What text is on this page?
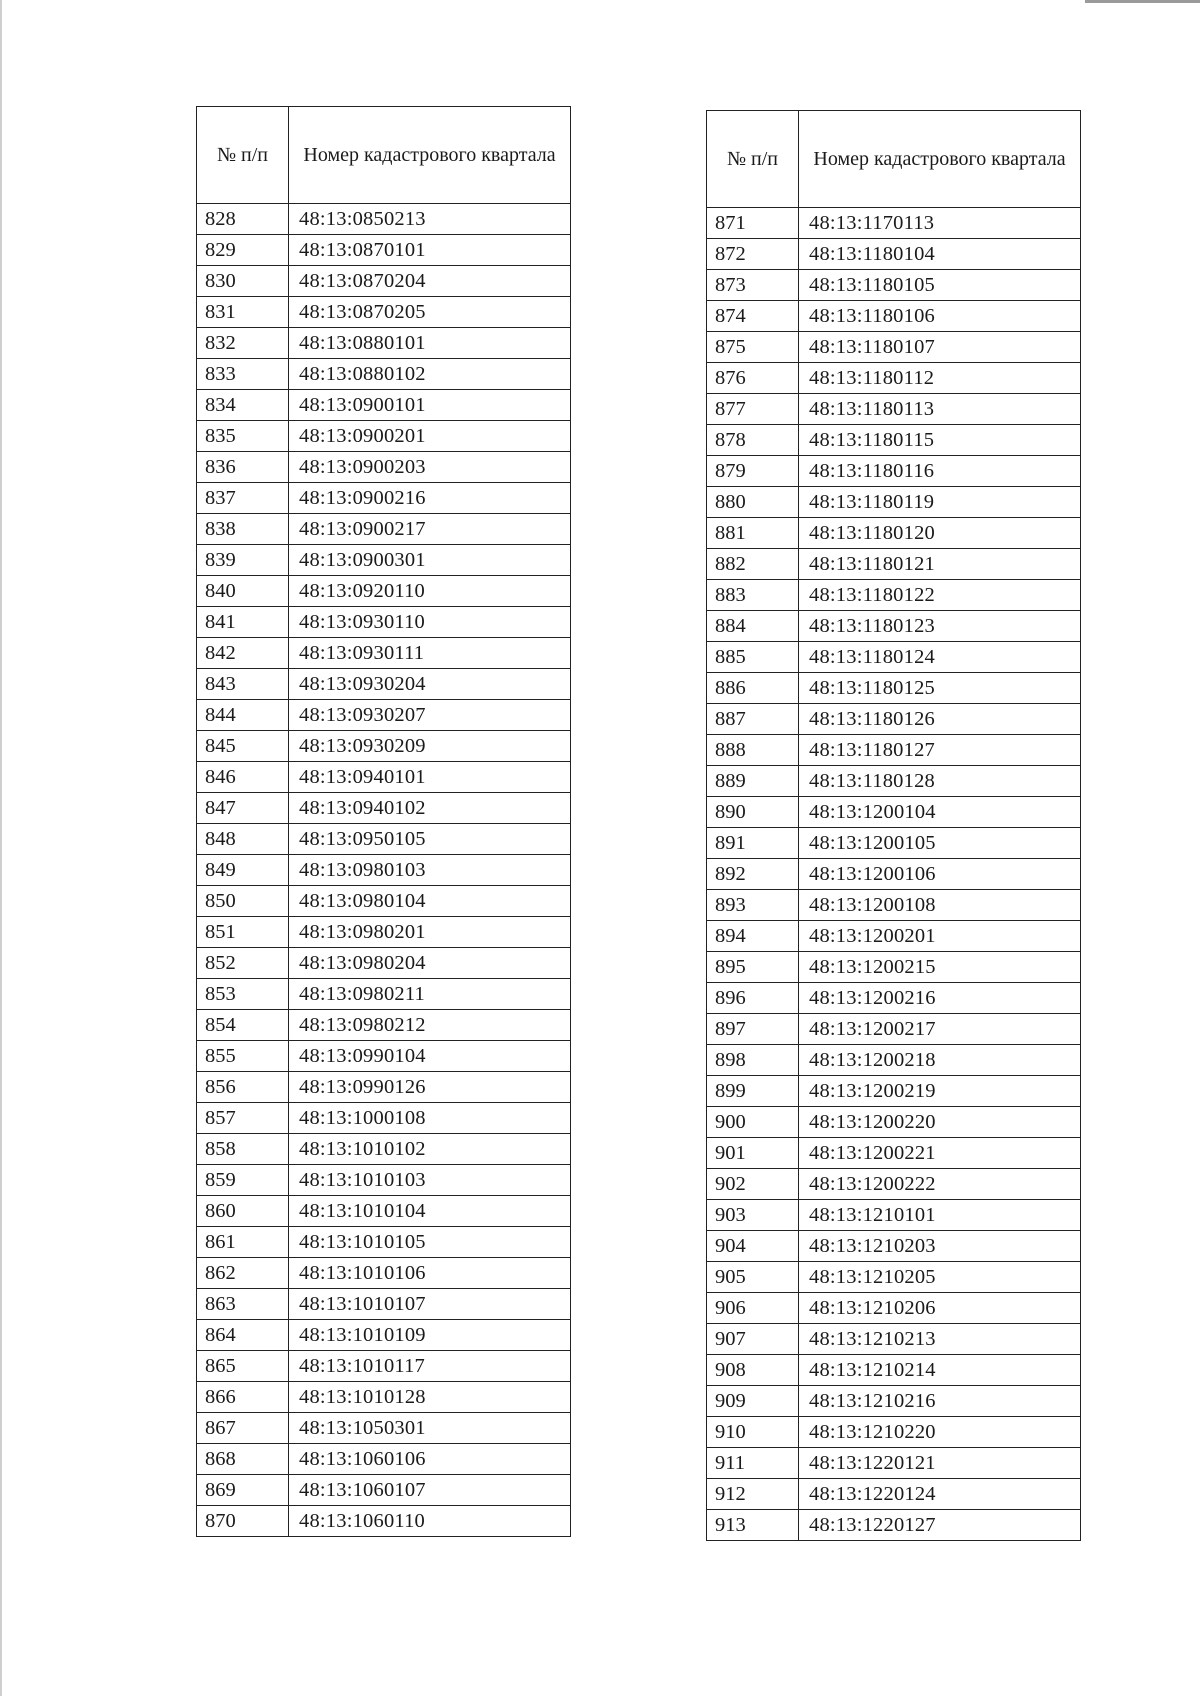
№ п/п	Номер кадастрового квартала
828	48:13:0850213
829	48:13:0870101
830	48:13:0870204
831	48:13:0870205
832	48:13:0880101
833	48:13:0880102
834	48:13:0900101
835	48:13:0900201
836	48:13:0900203
837	48:13:0900216
838	48:13:0900217
839	48:13:0900301
840	48:13:0920110
841	48:13:0930110
842	48:13:0930111
843	48:13:0930204
844	48:13:0930207
845	48:13:0930209
846	48:13:0940101
847	48:13:0940102
848	48:13:0950105
849	48:13:0980103
850	48:13:0980104
851	48:13:0980201
852	48:13:0980204
853	48:13:0980211
854	48:13:0980212
855	48:13:0990104
856	48:13:0990126
857	48:13:1000108
858	48:13:1010102
859	48:13:1010103
860	48:13:1010104
861	48:13:1010105
862	48:13:1010106
863	48:13:1010107
864	48:13:1010109
865	48:13:1010117
866	48:13:1010128
867	48:13:1050301
868	48:13:1060106
869	48:13:1060107
870	48:13:1060110
№ п/п	Номер кадастрового квартала
871	48:13:1170113
872	48:13:1180104
873	48:13:1180105
874	48:13:1180106
875	48:13:1180107
876	48:13:1180112
877	48:13:1180113
878	48:13:1180115
879	48:13:1180116
880	48:13:1180119
881	48:13:1180120
882	48:13:1180121
883	48:13:1180122
884	48:13:1180123
885	48:13:1180124
886	48:13:1180125
887	48:13:1180126
888	48:13:1180127
889	48:13:1180128
890	48:13:1200104
891	48:13:1200105
892	48:13:1200106
893	48:13:1200108
894	48:13:1200201
895	48:13:1200215
896	48:13:1200216
897	48:13:1200217
898	48:13:1200218
899	48:13:1200219
900	48:13:1200220
901	48:13:1200221
902	48:13:1200222
903	48:13:1210101
904	48:13:1210203
905	48:13:1210205
906	48:13:1210206
907	48:13:1210213
908	48:13:1210214
909	48:13:1210216
910	48:13:1210220
911	48:13:1220121
912	48:13:1220124
913	48:13:1220127
